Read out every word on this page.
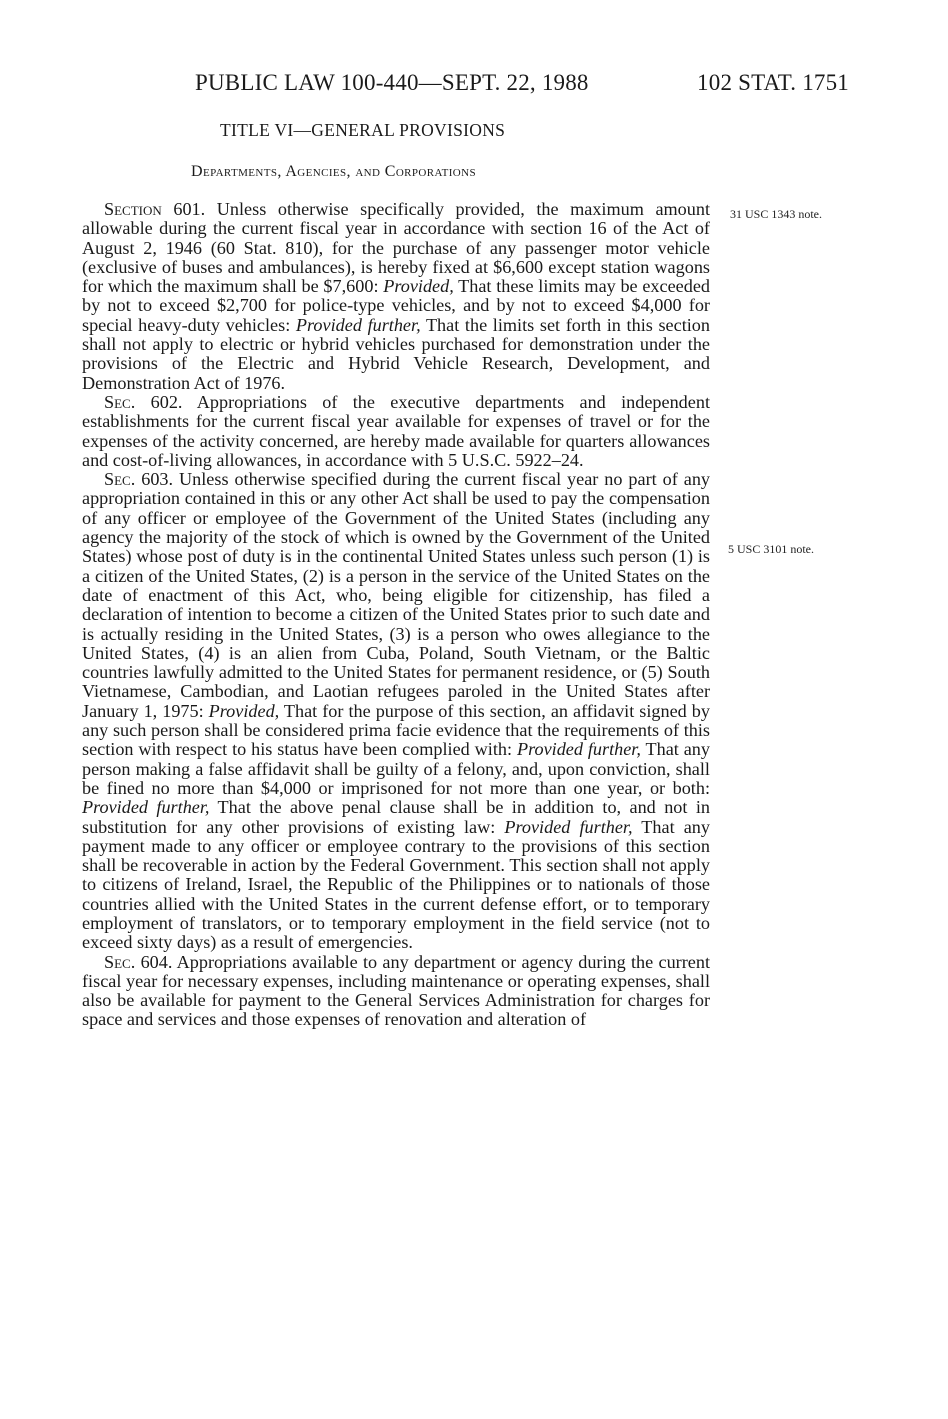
PUBLIC LAW 100-440—SEPT. 22, 1988	102 STAT. 1751
TITLE VI—GENERAL PROVISIONS
Departments, Agencies, and Corporations
31 USC 1343 note.
5 USC 3101 note.

Section 601. Unless otherwise specifically provided, the maximum amount allowable during the current fiscal year in accordance with section 16 of the Act of August 2, 1946 (60 Stat. 810), for the purchase of any passenger motor vehicle (exclusive of buses and ambulances), is hereby fixed at $6,600 except station wagons for which the maximum shall be $7,600: Provided, That these limits may be exceeded by not to exceed $2,700 for police-type vehicles, and by not to exceed $4,000 for special heavy-duty vehicles: Provided further, That the limits set forth in this section shall not apply to electric or hybrid vehicles purchased for demonstration under the provisions of the Electric and Hybrid Vehicle Research, Development, and Demonstration Act of 1976.

Sec. 602. Appropriations of the executive departments and independent establishments for the current fiscal year available for expenses of travel or for the expenses of the activity concerned, are hereby made available for quarters allowances and cost-of-living allowances, in accordance with 5 U.S.C. 5922–24.

Sec. 603. Unless otherwise specified during the current fiscal year no part of any appropriation contained in this or any other Act shall be used to pay the compensation of any officer or employee of the Government of the United States (including any agency the majority of the stock of which is owned by the Government of the United States) whose post of duty is in the continental United States unless such person (1) is a citizen of the United States, (2) is a person in the service of the United States on the date of enactment of this Act, who, being eligible for citizenship, has filed a declaration of intention to become a citizen of the United States prior to such date and is actually residing in the United States, (3) is a person who owes allegiance to the United States, (4) is an alien from Cuba, Poland, South Vietnam, or the Baltic countries lawfully admitted to the United States for permanent residence, or (5) South Vietnamese, Cambodian, and Laotian refugees paroled in the United States after January 1, 1975: Provided, That for the purpose of this section, an affidavit signed by any such person shall be considered prima facie evidence that the requirements of this section with respect to his status have been complied with: Provided further, That any person making a false affidavit shall be guilty of a felony, and, upon conviction, shall be fined no more than $4,000 or imprisoned for not more than one year, or both: Provided further, That the above penal clause shall be in addition to, and not in substitution for any other provisions of existing law: Provided further, That any payment made to any officer or employee contrary to the provisions of this section shall be recoverable in action by the Federal Government. This section shall not apply to citizens of Ireland, Israel, the Republic of the Philippines or to nationals of those countries allied with the United States in the current defense effort, or to temporary employment of translators, or to temporary employment in the field service (not to exceed sixty days) as a result of emergencies.

Sec. 604. Appropriations available to any department or agency during the current fiscal year for necessary expenses, including maintenance or operating expenses, shall also be available for payment to the General Services Administration for charges for space and services and those expenses of renovation and alteration of
